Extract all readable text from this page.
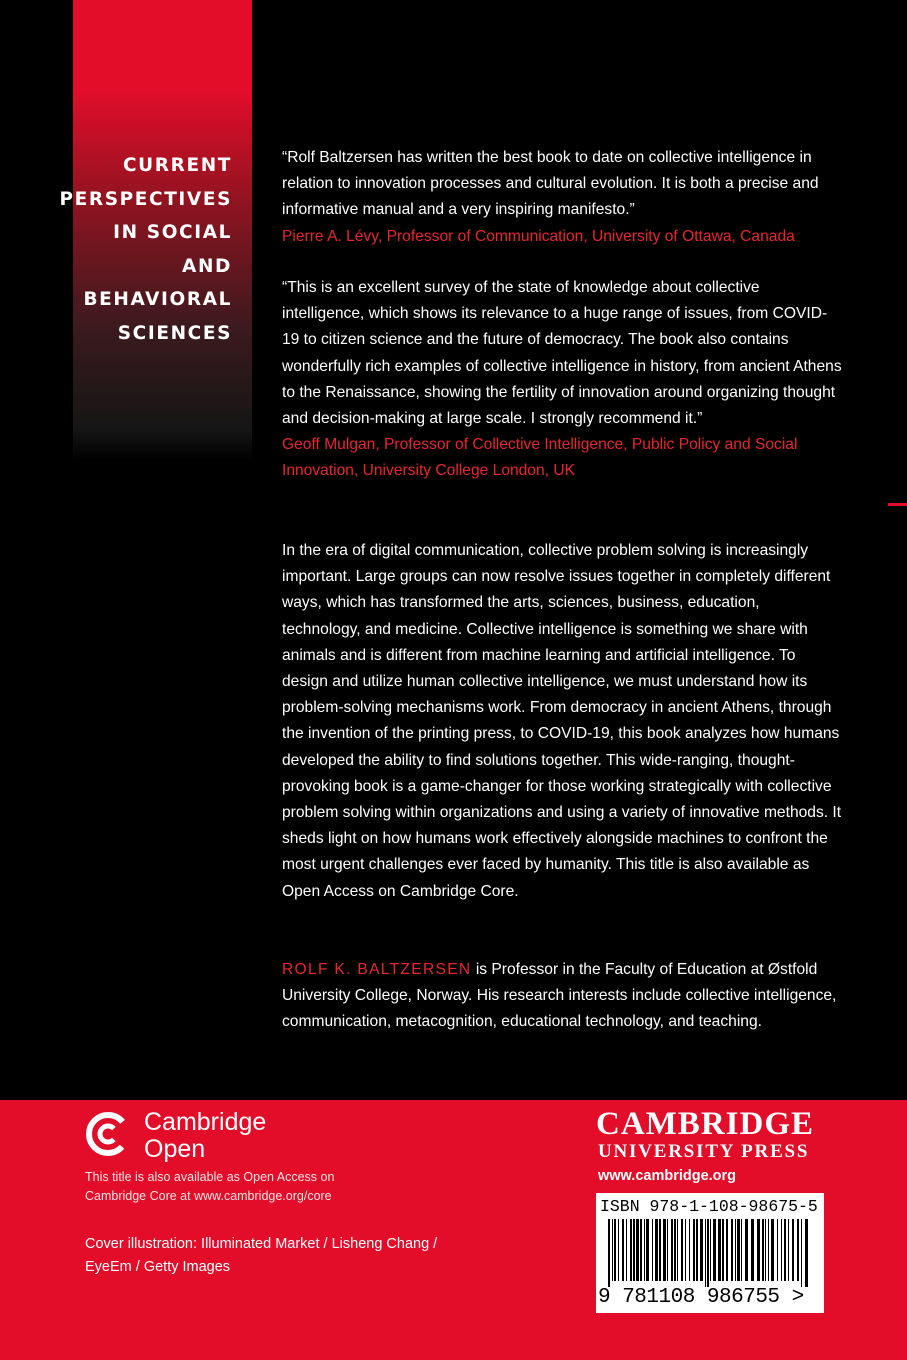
CURRENT
PERSPECTIVES
IN SOCIAL AND
BEHAVIORAL
SCIENCES

“Rolf Baltzersen has written the best book to date on collective intelligence in relation to innovation processes and cultural evolution. It is both a precise and informative manual and a very inspiring manifesto.”
Pierre A. Lévy, Professor of Communication, University of Ottawa, Canada

“This is an excellent survey of the state of knowledge about collective intelligence, which shows its relevance to a huge range of issues, from COVID-19 to citizen science and the future of democracy. The book also contains wonderfully rich examples of collective intelligence in history, from ancient Athens to the Renaissance, showing the fertility of innovation around organizing thought and decision-making at large scale. I strongly recommend it.”
Geoff Mulgan, Professor of Collective Intelligence, Public Policy and Social Innovation, University College London, UK

In the era of digital communication, collective problem solving is increasingly important. Large groups can now resolve issues together in completely different ways, which has transformed the arts, sciences, business, education, technology, and medicine. Collective intelligence is something we share with animals and is different from machine learning and artificial intelligence. To design and utilize human collective intelligence, we must understand how its problem-solving mechanisms work. From democracy in ancient Athens, through the invention of the printing press, to COVID-19, this book analyzes how humans developed the ability to find solutions together. This wide-ranging, thought-provoking book is a game-changer for those working strategically with collective problem solving within organizations and using a variety of innovative methods. It sheds light on how humans work effectively alongside machines to confront the most urgent challenges ever faced by humanity. This title is also available as Open Access on Cambridge Core.

ROLF K. BALTZERSEN is Professor in the Faculty of Education at Østfold University College, Norway. His research interests include collective intelligence, communication, metacognition, educational technology, and teaching.

Cambridge
Open

This title is also available as Open Access on
Cambridge Core at www.cambridge.org/core

Cover illustration: Illuminated Market / Lisheng Chang /
EyeEm / Getty Images

CAMBRIDGE
UNIVERSITY PRESS
www.cambridge.org
ISBN 978-1-108-98675-5
9 781108 986755 >
